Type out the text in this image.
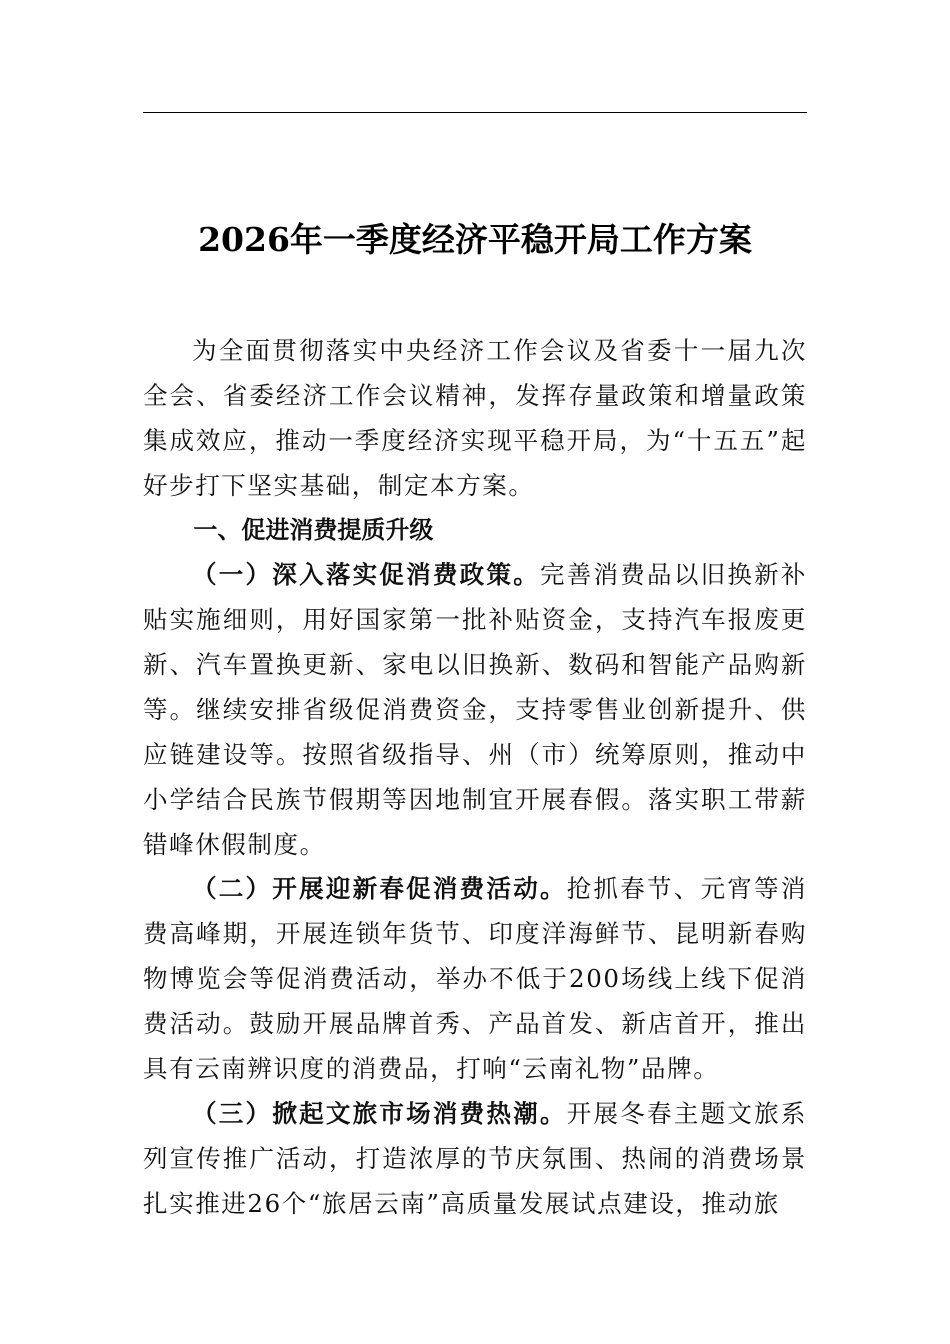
2026年一季度经济平稳开局工作方案

为全面贯彻落实中央经济工作会议及省委十一届九次全会、省委经济工作会议精神，发挥存量政策和增量政策集成效应，推动一季度经济实现平稳开局，为“十五五”起好步打下坚实基础，制定本方案。

一、促进消费提质升级

（一）深入落实促消费政策。完善消费品以旧换新补贴实施细则，用好国家第一批补贴资金，支持汽车报废更新、汽车置换更新、家电以旧换新、数码和智能产品购新等。继续安排省级促消费资金，支持零售业创新提升、供应链建设等。按照省级指导、州（市）统筹原则，推动中小学结合民族节假期等因地制宜开展春假。落实职工带薪错峰休假制度。

（二）开展迎新春促消费活动。抢抓春节、元宵等消费高峰期，开展连锁年货节、印度洋海鲜节、昆明新春购物博览会等促消费活动，举办不低于200场线上线下促消费活动。鼓励开展品牌首秀、产品首发、新店首开，推出具有云南辨识度的消费品，打响“云南礼物”品牌。

（三）掀起文旅市场消费热潮。开展冬春主题文旅系列宣传推广活动，打造浓厚的节庆氛围、热闹的消费场景扎实推进26个“旅居云南”高质量发展试点建设，推动旅
